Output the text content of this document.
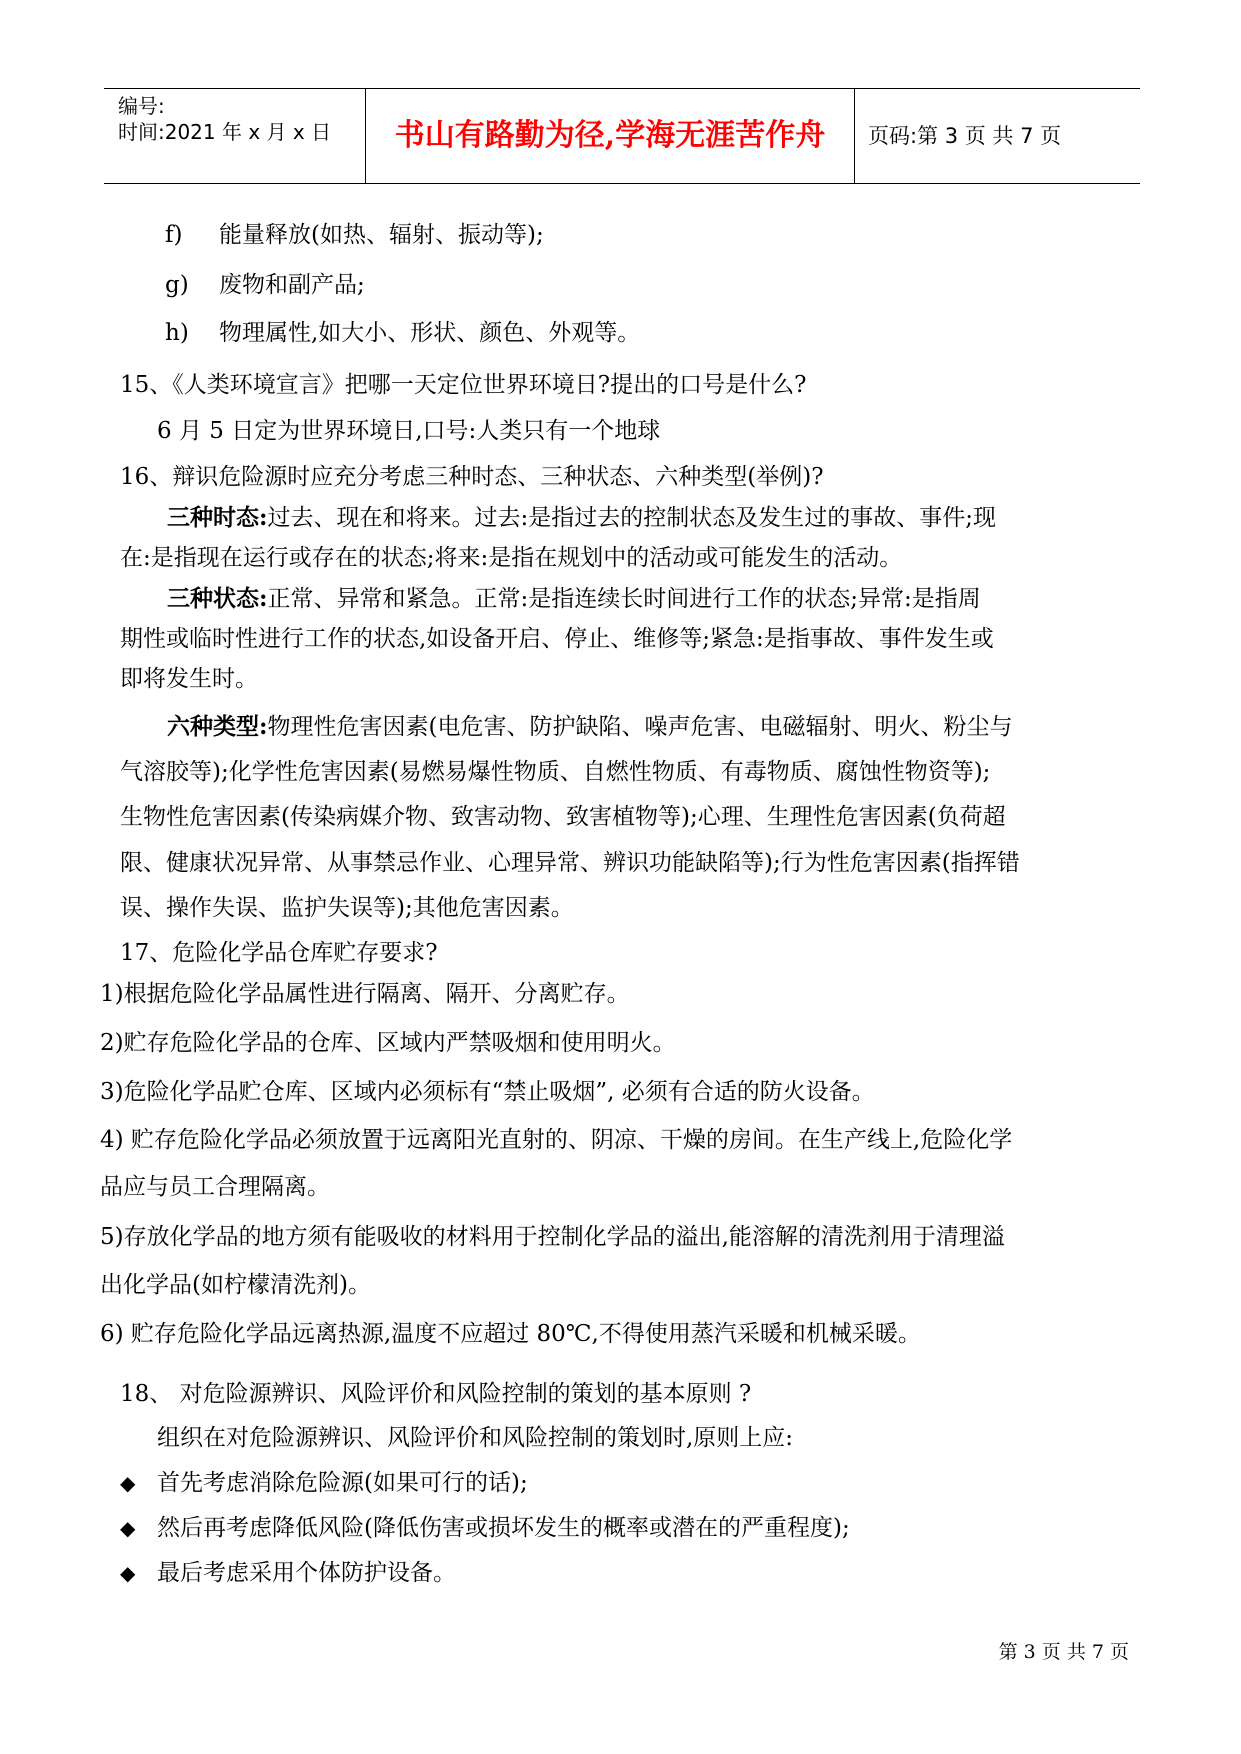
编号:
时间:2021 年 x 月 x 日	书山有路勤为径,学海无涯苦作舟	页码:第 3 页 共 7 页
f) 能量释放(如热、辐射、振动等);
g) 废物和副产品;
h) 物理属性,如大小、形状、颜色、外观等。
15、《人类环境宣言》把哪一天定位世界环境日?提出的口号是什么?
6 月 5 日定为世界环境日,口号:人类只有一个地球
16、辩识危险源时应充分考虑三种时态、三种状态、六种类型(举例)?
三种时态:过去、现在和将来。过去:是指过去的控制状态及发生过的事故、事件;现
在:是指现在运行或存在的状态;将来:是指在规划中的活动或可能发生的活动。
三种状态:正常、异常和紧急。正常:是指连续长时间进行工作的状态;异常:是指周
期性或临时性进行工作的状态,如设备开启、停止、维修等;紧急:是指事故、事件发生或
即将发生时。
六种类型:物理性危害因素(电危害、防护缺陷、噪声危害、电磁辐射、明火、粉尘与
气溶胶等);化学性危害因素(易燃易爆性物质、自燃性物质、有毒物质、腐蚀性物资等);
生物性危害因素(传染病媒介物、致害动物、致害植物等);心理、生理性危害因素(负荷超
限、健康状况异常、从事禁忌作业、心理异常、辨识功能缺陷等);行为性危害因素(指挥错
误、操作失误、监护失误等);其他危害因素。
17、危险化学品仓库贮存要求?
1)根据危险化学品属性进行隔离、隔开、分离贮存。
2)贮存危险化学品的仓库、区域内严禁吸烟和使用明火。
3)危险化学品贮仓库、区域内必须标有“禁止吸烟”, 必须有合适的防火设备。
4) 贮存危险化学品必须放置于远离阳光直射的、阴凉、干燥的房间。在生产线上,危险化学
品应与员工合理隔离。
5)存放化学品的地方须有能吸收的材料用于控制化学品的溢出,能溶解的清洗剂用于清理溢
出化学品(如柠檬清洗剂)。
6) 贮存危险化学品远离热源,温度不应超过 80℃,不得使用蒸汽采暖和机械采暖。
18、 对危险源辨识、风险评价和风险控制的策划的基本原则 ?
组织在对危险源辨识、风险评价和风险控制的策划时,原则上应:
◆ 首先考虑消除危险源(如果可行的话);
◆ 然后再考虑降低风险(降低伤害或损坏发生的概率或潜在的严重程度);
◆ 最后考虑采用个体防护设备。
第 3 页 共 7 页
